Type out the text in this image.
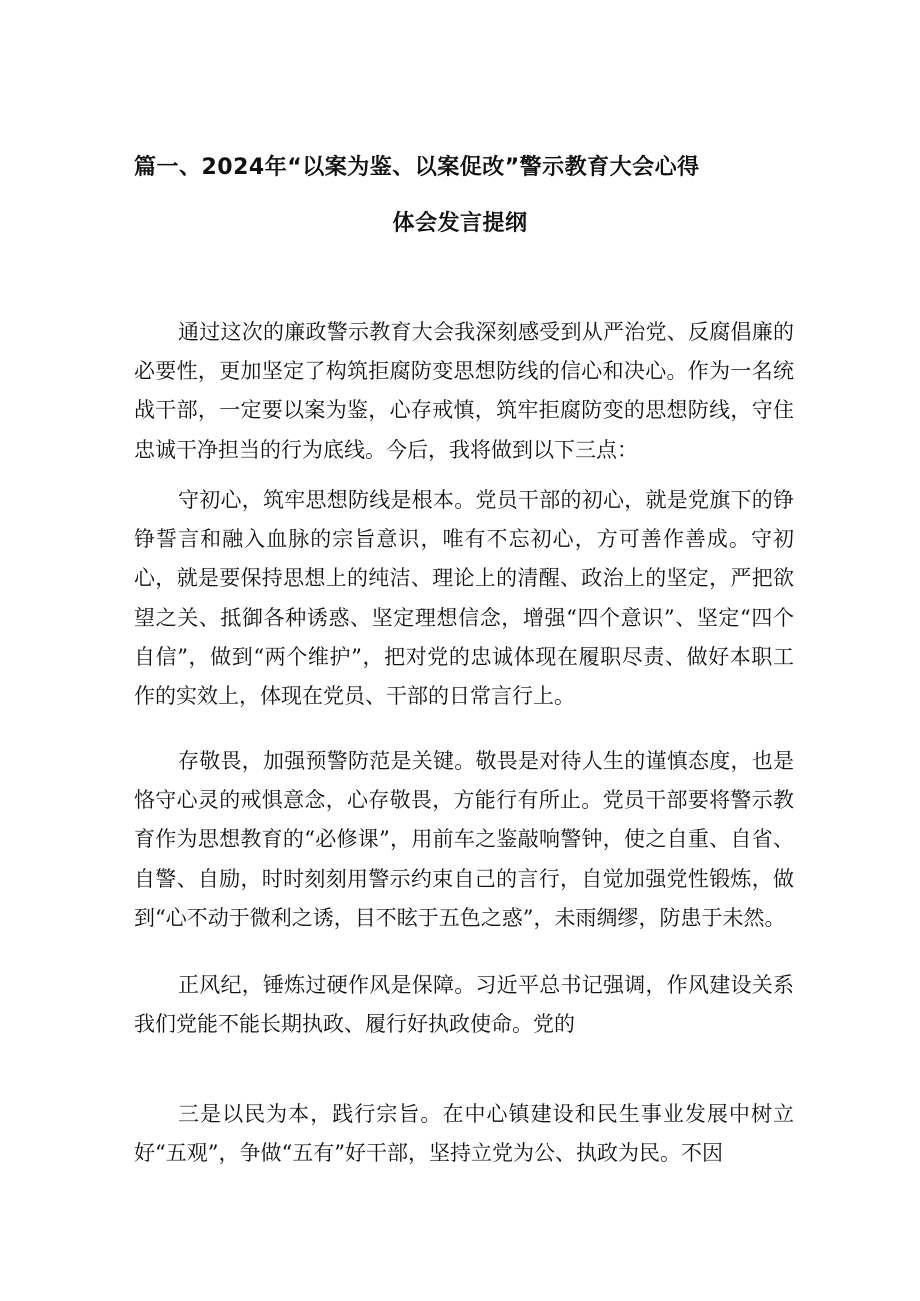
篇一、2024年“以案为鉴、以案促改”警示教育大会心得
体会发言提纲

通过这次的廉政警示教育大会我深刻感受到从严治党、反腐倡廉的必要性，更加坚定了构筑拒腐防变思想防线的信心和决心。作为一名统战干部，一定要以案为鉴，心存戒慎，筑牢拒腐防变的思想防线，守住忠诚干净担当的行为底线。今后，我将做到以下三点：

守初心，筑牢思想防线是根本。党员干部的初心，就是党旗下的铮铮誓言和融入血脉的宗旨意识，唯有不忘初心，方可善作善成。守初心，就是要保持思想上的纯洁、理论上的清醒、政治上的坚定，严把欲望之关、抵御各种诱惑、坚定理想信念，增强“四个意识”、坚定“四个自信”，做到“两个维护”，把对党的忠诚体现在履职尽责、做好本职工作的实效上，体现在党员、干部的日常言行上。

存敬畏，加强预警防范是关键。敬畏是对待人生的谨慎态度，也是恪守心灵的戒惧意念，心存敬畏，方能行有所止。党员干部要将警示教育作为思想教育的“必修课”，用前车之鉴敲响警钟，使之自重、自省、自警、自励，时时刻刻用警示约束自己的言行，自觉加强党性锻炼，做到“心不动于微利之诱，目不眩于五色之惑”，未雨绸缪，防患于未然。

正风纪，锤炼过硬作风是保障。习近平总书记强调，作风建设关系我们党能不能长期执政、履行好执政使命。党的

三是以民为本，践行宗旨。在中心镇建设和民生事业发展中树立好“五观”，争做“五有”好干部，坚持立党为公、执政为民。不因
